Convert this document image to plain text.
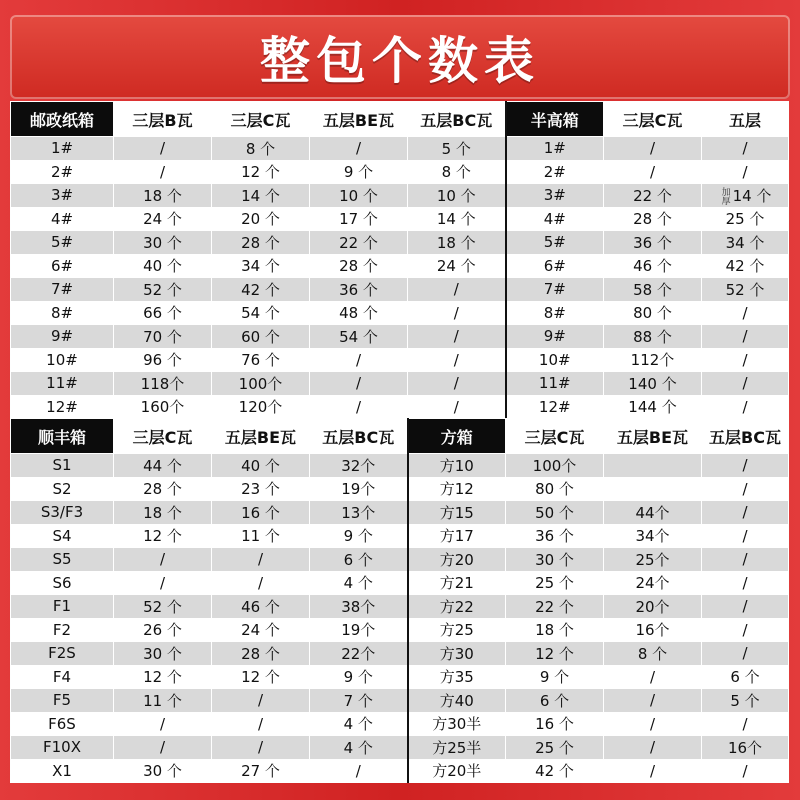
整包个数表
邮政纸箱	三层B瓦	三层C瓦	五层BE瓦	五层BC瓦	半高箱	三层C瓦	五层
1#	/	8 个	/	5 个	1#	/	/
2#	/	12 个	9 个	8 个	2#	/	/
3#	18 个	14 个	10 个	10 个	3#	22 个	加厚 14 个
4#	24 个	20 个	17 个	14 个	4#	28 个	25 个
5#	30 个	28 个	22 个	18 个	5#	36 个	34 个
6#	40 个	34 个	28 个	24 个	6#	46 个	42 个
7#	52 个	42 个	36 个	/	7#	58 个	52 个
8#	66 个	54 个	48 个	/	8#	80 个	/
9#	70 个	60 个	54 个	/	9#	88 个	/
10#	96 个	76 个	/	/	10#	112个	/
11#	118个	100个	/	/	11#	140 个	/
12#	160个	120个	/	/	12#	144 个	/
顺丰箱	三层C瓦	五层BE瓦	五层BC瓦	方箱	三层C瓦	五层BE瓦	五层BC瓦
S1	44 个	40 个	32个	方10	100个		/
S2	28 个	23 个	19个	方12	80 个		/
S3/F3	18 个	16 个	13个	方15	50 个	44个	/
S4	12 个	11 个	9 个	方17	36 个	34个	/
S5	/	/	6 个	方20	30 个	25个	/
S6	/	/	4 个	方21	25 个	24个	/
F1	52 个	46 个	38个	方22	22 个	20个	/
F2	26 个	24 个	19个	方25	18 个	16个	/
F2S	30 个	28 个	22个	方30	12 个	8 个	/
F4	12 个	12 个	9 个	方35	9 个	/	6 个
F5	11 个	/	7 个	方40	6 个	/	5 个
F6S	/	/	4 个	方30半	16 个	/	/
F10X	/	/	4 个	方25半	25 个	/	16个
X1	30 个	27 个	/	方20半	42 个	/	/
